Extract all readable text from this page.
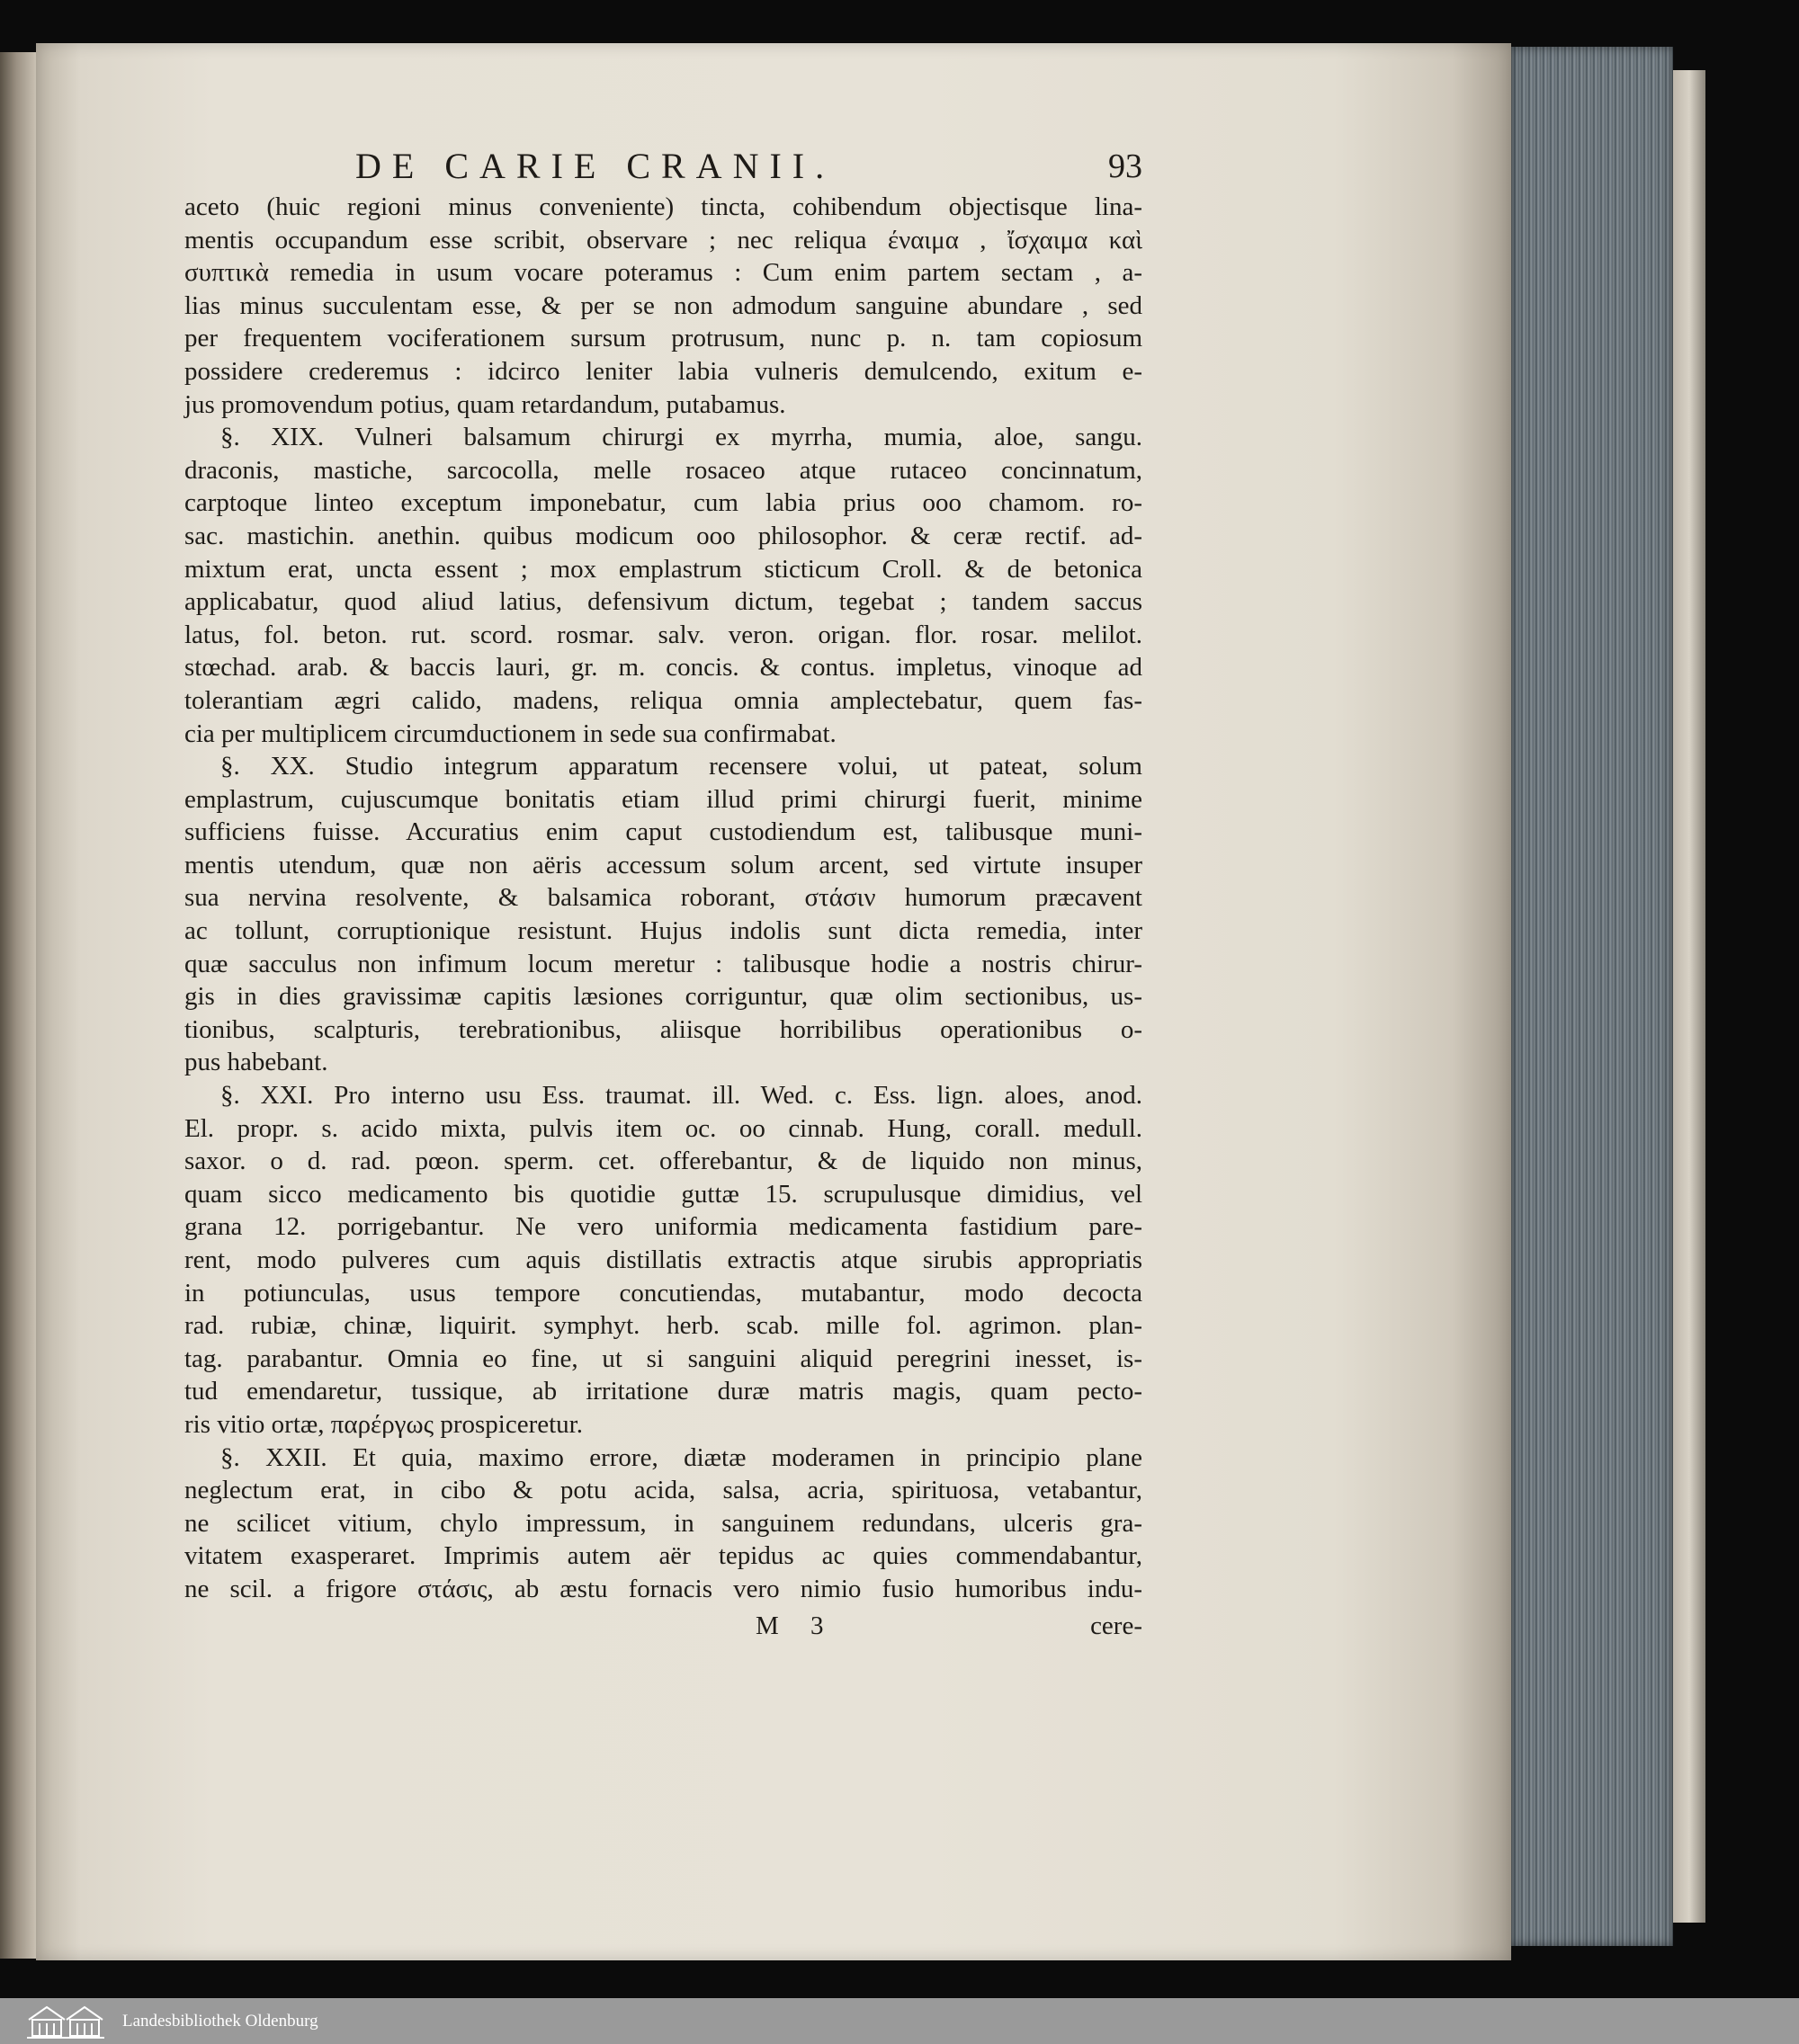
DE CARIE CRANII.	93
aceto (huic regioni minus conveniente) tincta, cohibendum objectisque lina-
mentis occupandum esse scribit, observare ; nec reliqua έναιμα , ἴσχαιμα καὶ
συπτικὰ remedia in usum vocare poteramus : Cum enim partem sectam , a-
lias minus succulentam esse, & per se non admodum sanguine abundare , sed
per frequentem vociferationem sursum protrusum, nunc p. n. tam copiosum
possidere crederemus : idcirco leniter labia vulneris demulcendo, exitum e-
jus promovendum potius, quam retardandum, putabamus.
§. XIX. Vulneri balsamum chirurgi ex myrrha, mumia, aloe, sangu.
draconis, mastiche, sarcocolla, melle rosaceo atque rutaceo concinnatum,
carptoque linteo exceptum imponebatur, cum labia prius ooo chamom. ro-
sac. mastichin. anethin. quibus modicum ooo philosophor. & ceræ rectif. ad-
mixtum erat, uncta essent ; mox emplastrum sticticum Croll. & de betonica
applicabatur, quod aliud latius, defensivum dictum, tegebat ; tandem saccus
latus, fol. beton. rut. scord. rosmar. salv. veron. origan. flor. rosar. melilot.
stœchad. arab. & baccis lauri, gr. m. concis. & contus. impletus, vinoque ad
tolerantiam ægri calido, madens, reliqua omnia amplectebatur, quem fas-
cia per multiplicem circumductionem in sede sua confirmabat.
§. XX. Studio integrum apparatum recensere volui, ut pateat, solum
emplastrum, cujuscumque bonitatis etiam illud primi chirurgi fuerit, minime
sufficiens fuisse. Accuratius enim caput custodiendum est, talibusque muni-
mentis utendum, quæ non aëris accessum solum arcent, sed virtute insuper
sua nervina resolvente, & balsamica roborant, στάσιν humorum præcavent
ac tollunt, corruptionique resistunt. Hujus indolis sunt dicta remedia, inter
quæ sacculus non infimum locum meretur : talibusque hodie a nostris chirur-
gis in dies gravissimæ capitis læsiones corriguntur, quæ olim sectionibus, us-
tionibus, scalpturis, terebrationibus, aliisque horribilibus operationibus o-
pus habebant.
§. XXI. Pro interno usu Ess. traumat. ill. Wed. c. Ess. lign. aloes, anod.
El. propr. s. acido mixta, pulvis item oc. oo cinnab. Hung, corall. medull.
saxor. o d. rad. pœon. sperm. cet. offerebantur, & de liquido non minus,
quam sicco medicamento bis quotidie guttæ 15. scrupulusque dimidius, vel
grana 12. porrigebantur. Ne vero uniformia medicamenta fastidium pare-
rent, modo pulveres cum aquis distillatis extractis atque sirubis appropriatis
in potiunculas, usus tempore concutiendas, mutabantur, modo decocta
rad. rubiæ, chinæ, liquirit. symphyt. herb. scab. mille fol. agrimon. plan-
tag. parabantur. Omnia eo fine, ut si sanguini aliquid peregrini inesset, is-
tud emendaretur, tussique, ab irritatione duræ matris magis, quam pecto-
ris vitio ortæ, παρέργως prospiceretur.
§. XXII. Et quia, maximo errore, diætæ moderamen in principio plane
neglectum erat, in cibo & potu acida, salsa, acria, spirituosa, vetabantur,
ne scilicet vitium, chylo impressum, in sanguinem redundans, ulceris gra-
vitatem exasperaret. Imprimis autem aër tepidus ac quies commendabantur,
ne scil. a frigore στάσις, ab æstu fornacis vero nimio fusio humoribus indu-
M 3	cere-
Landesbibliothek Oldenburg
